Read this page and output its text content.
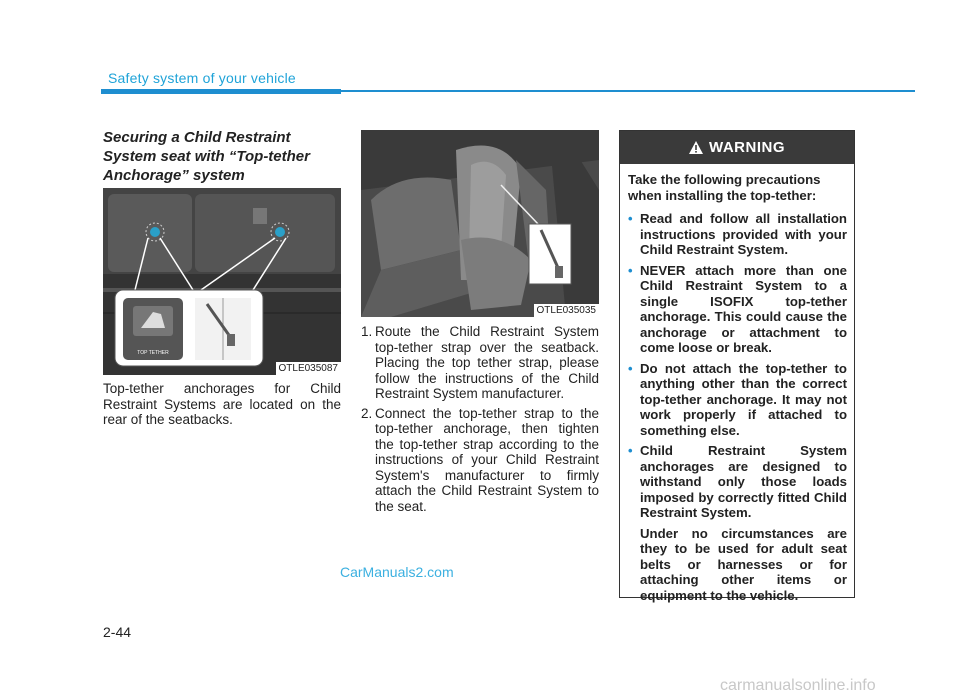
Safety system of your vehicle
Securing a Child Restraint System seat with “Top-tether Anchorage” system
TOP TETHER
OTLE035087
Top-tether anchorages for Child Restraint Systems are located on the rear of the seatbacks.
OTLE035035
1. Route the Child Restraint System top-tether strap over the seatback. Placing the top tether strap, please follow the instructions of the Child Restraint System manufacturer.
2. Connect the top-tether strap to the top-tether anchorage, then tighten the top-tether strap according to the instructions of your Child Restraint System's manufacturer to firmly attach the Child Restraint System to the seat.
WARNING

Take the following precautions when installing the top-tether:

• Read and follow all installation instructions provided with your Child Restraint System.
• NEVER attach more than one Child Restraint System to a single ISOFIX top-tether anchorage. This could cause the anchorage or attachment to come loose or break.
• Do not attach the top-tether to anything other than the correct top-tether anchorage. It may not work properly if attached to something else.
• Child Restraint System anchorages are designed to withstand only those loads imposed by correctly fitted Child Restraint System.
Under no circumstances are they to be used for adult seat belts or harnesses or for attaching other items or equipment to the vehicle.
2-44
CarManuals2.com
carmanualsonline.info
